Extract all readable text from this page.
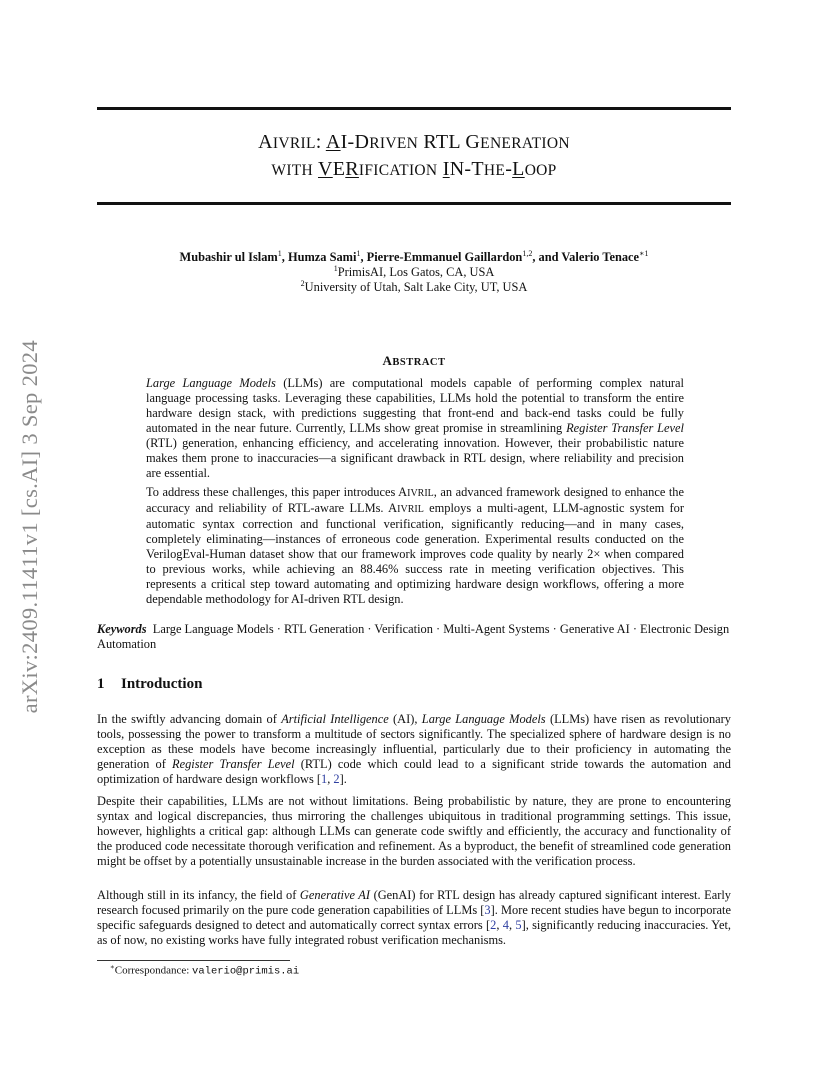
arXiv:2409.11411v1 [cs.AI] 3 Sep 2024
AIVRIL: AI-DRIVEN RTL GENERATION
WITH VERIFICATION IN-THE-LOOP
Mubashir ul Islam$^1$, Humza Sami$^1$, Pierre-Emmanuel Gaillardon$^{1,2}$, and Valerio Tenace$^{∗1}$
$^1$PrimisAI, Los Gatos, CA, USA
$^2$University of Utah, Salt Lake City, UT, USA
ABSTRACT

Large Language Models (LLMs) are computational models capable of performing complex natural language processing tasks. Leveraging these capabilities, LLMs hold the potential to transform the entire hardware design stack, with predictions suggesting that front-end and back-end tasks could be fully automated in the near future. Currently, LLMs show great promise in streamlining Register Transfer Level (RTL) generation, enhancing efficiency, and accelerating innovation. However, their probabilistic nature makes them prone to inaccuracies—a significant drawback in RTL design, where reliability and precision are essential.

To address these challenges, this paper introduces AIVRIL, an advanced framework designed to enhance the accuracy and reliability of RTL-aware LLMs. AIVRIL employs a multi-agent, LLM-agnostic system for automatic syntax correction and functional verification, significantly reducing—and in many cases, completely eliminating—instances of erroneous code generation. Experimental results conducted on the VerilogEval-Human dataset show that our framework improves code quality by nearly 2× when compared to previous works, while achieving an 88.46% success rate in meeting verification objectives. This represents a critical step toward automating and optimizing hardware design workflows, offering a more dependable methodology for AI-driven RTL design.

Keywords Large Language Models · RTL Generation · Verification · Multi-Agent Systems · Generative AI · Electronic Design Automation

1 Introduction

In the swiftly advancing domain of Artificial Intelligence (AI), Large Language Models (LLMs) have risen as revolutionary tools, possessing the power to transform a multitude of sectors significantly. The specialized sphere of hardware design is no exception as these models have become increasingly influential, particularly due to their proficiency in automating the generation of Register Transfer Level (RTL) code which could lead to a significant stride towards the automation and optimization of hardware design workflows [1, 2].

Despite their capabilities, LLMs are not without limitations. Being probabilistic by nature, they are prone to encountering syntax and logical discrepancies, thus mirroring the challenges ubiquitous in traditional programming settings. This issue, however, highlights a critical gap: although LLMs can generate code swiftly and efficiently, the accuracy and functionality of the produced code necessitate thorough verification and refinement. As a byproduct, the benefit of streamlined code generation might be offset by a potentially unsustainable increase in the burden associated with the verification process.

Although still in its infancy, the field of Generative AI (GenAI) for RTL design has already captured significant interest. Early research focused primarily on the pure code generation capabilities of LLMs [3]. More recent studies have begun to incorporate specific safeguards designed to detect and automatically correct syntax errors [2, 4, 5], significantly reducing inaccuracies. Yet, as of now, no existing works have fully integrated robust verification mechanisms.

∗Correspondance: valerio@primis.ai
